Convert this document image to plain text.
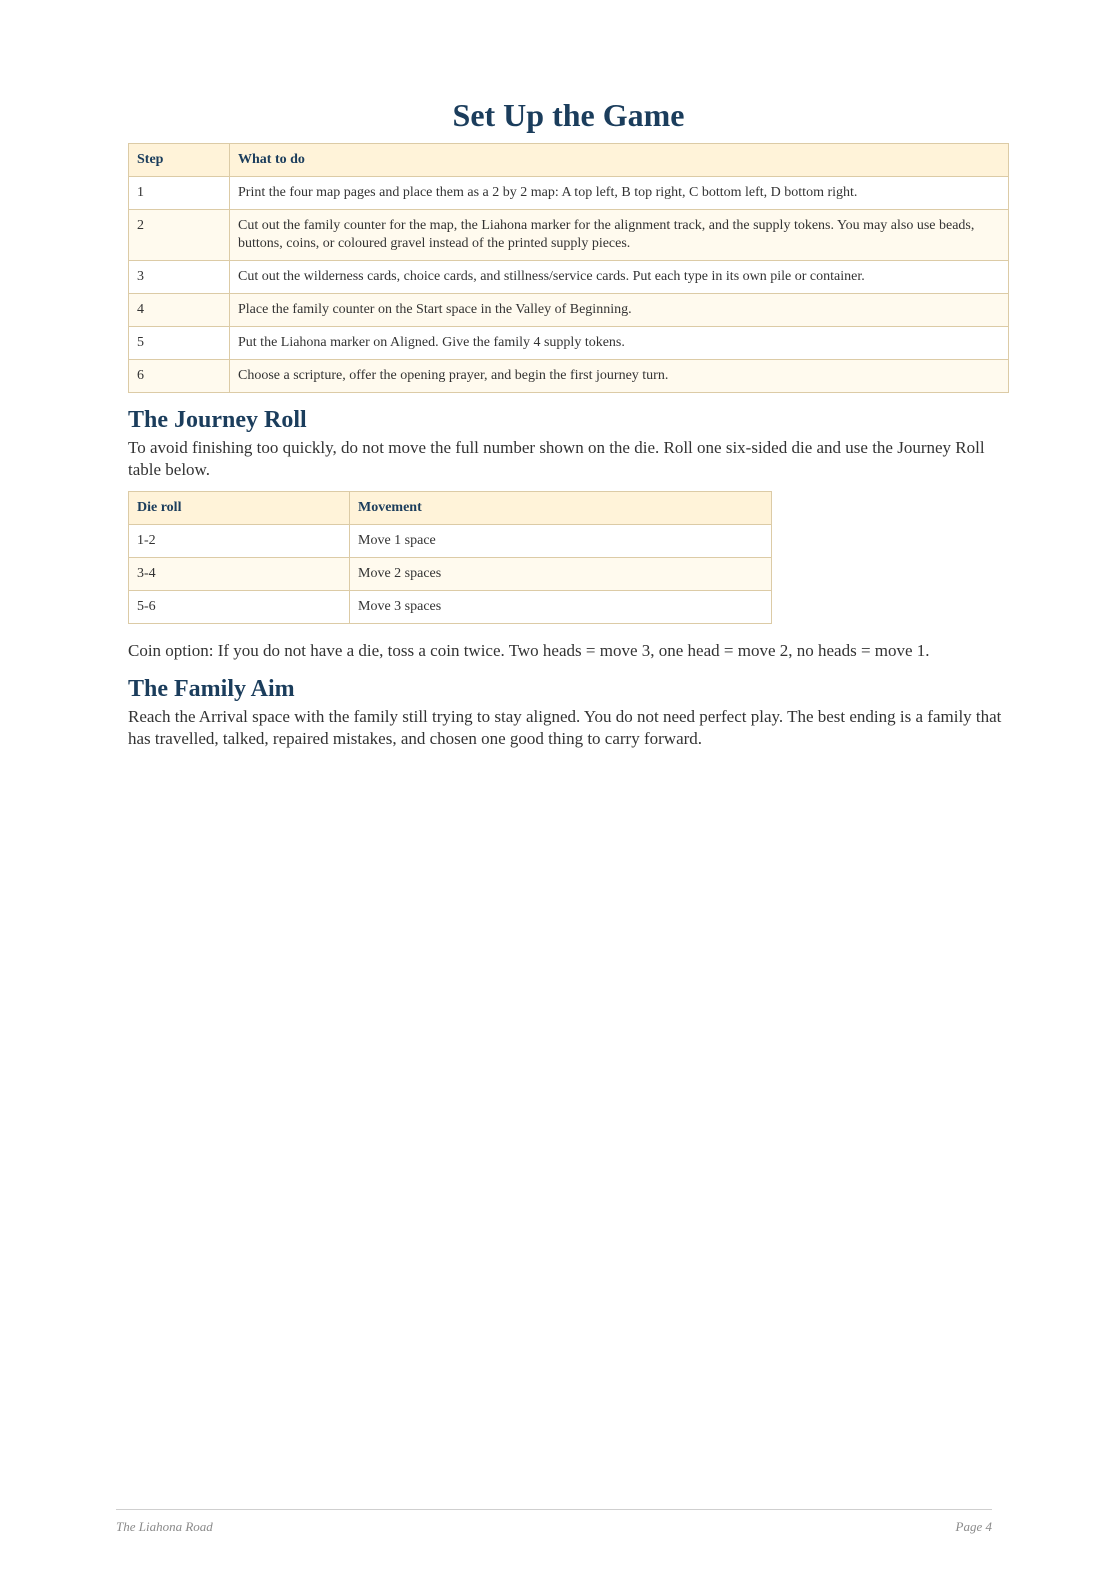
Set Up the Game
Step	What to do
1	Print the four map pages and place them as a 2 by 2 map: A top left, B top right, C bottom left, D bottom right.
2	Cut out the family counter for the map, the Liahona marker for the alignment track, and the supply tokens. You may also use beads, buttons, coins, or coloured gravel instead of the printed supply pieces.
3	Cut out the wilderness cards, choice cards, and stillness/service cards. Put each type in its own pile or container.
4	Place the family counter on the Start space in the Valley of Beginning.
5	Put the Liahona marker on Aligned. Give the family 4 supply tokens.
6	Choose a scripture, offer the opening prayer, and begin the first journey turn.
The Journey Roll

To avoid finishing too quickly, do not move the full number shown on the die. Roll one six-sided die and use the Journey Roll table below.

Die roll	Movement
1-2	Move 1 space
3-4	Move 2 spaces
5-6	Move 3 spaces

Coin option: If you do not have a die, toss a coin twice. Two heads = move 3, one head = move 2, no heads = move 1.

The Family Aim

Reach the Arrival space with the family still trying to stay aligned. You do not need perfect play. The best ending is a family that has travelled, talked, repaired mistakes, and chosen one good thing to carry forward.

The Liahona Road	Page 4
